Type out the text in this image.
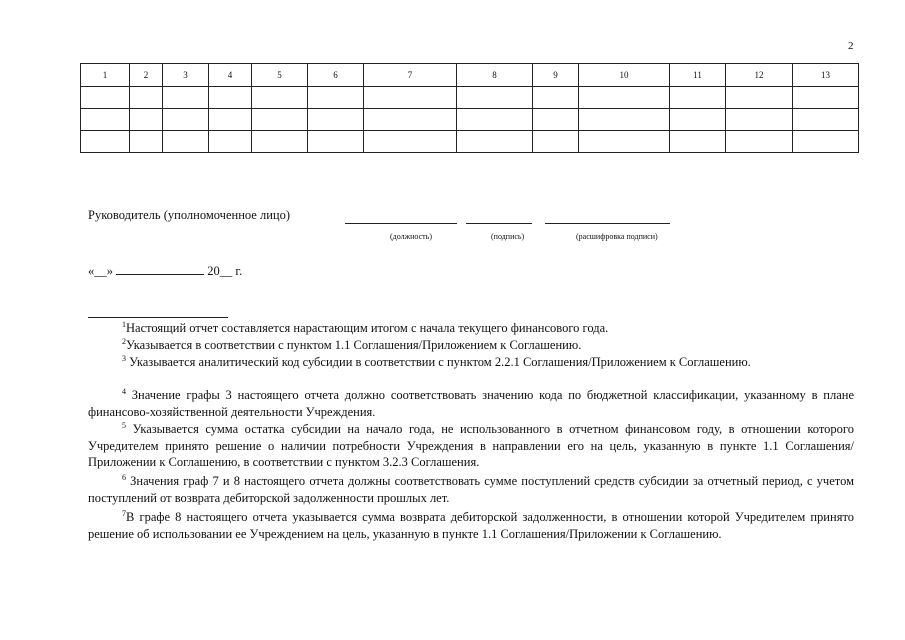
2
1	2	3	4	5	6	7	8	9	10	11	12	13

Руководитель (уполномоченное лицо)
(должность)	(подпись)	(расшифровка подписи)
«__»	20__ г.
$^1$Настоящий отчет составляется нарастающим итогом с начала текущего финансового года.
$^2$Указывается в соответствии с пунктом 1.1 Соглашения/Приложением к Соглашению.
$^3$ Указывается аналитический код субсидии в соответствии с пунктом 2.2.1 Соглашения/Приложением к Соглашению.
$^4$ Значение графы 3 настоящего отчета должно соответствовать значению кода по бюджетной классификации, указанному в плане финансово-хозяйственной деятельности Учреждения.
$^5$ Указывается сумма остатка субсидии на начало года, не использованного в отчетном финансовом году, в отношении которого Учредителем принято решение о наличии потребности Учреждения в направлении его на цель, указанную в пункте 1.1 Соглашения/Приложении к Соглашению, в соответствии с пунктом 3.2.3 Соглашения.
$^6$ Значения граф 7 и 8 настоящего отчета должны соответствовать сумме поступлений средств субсидии за отчетный период, с учетом поступлений от возврата дебиторской задолженности прошлых лет.
$^7$В графе 8 настоящего отчета указывается сумма возврата дебиторской задолженности, в отношении которой Учредителем принято решение об использовании ее Учреждением на цель, указанную в пункте 1.1 Соглашения/Приложении к Соглашению.
